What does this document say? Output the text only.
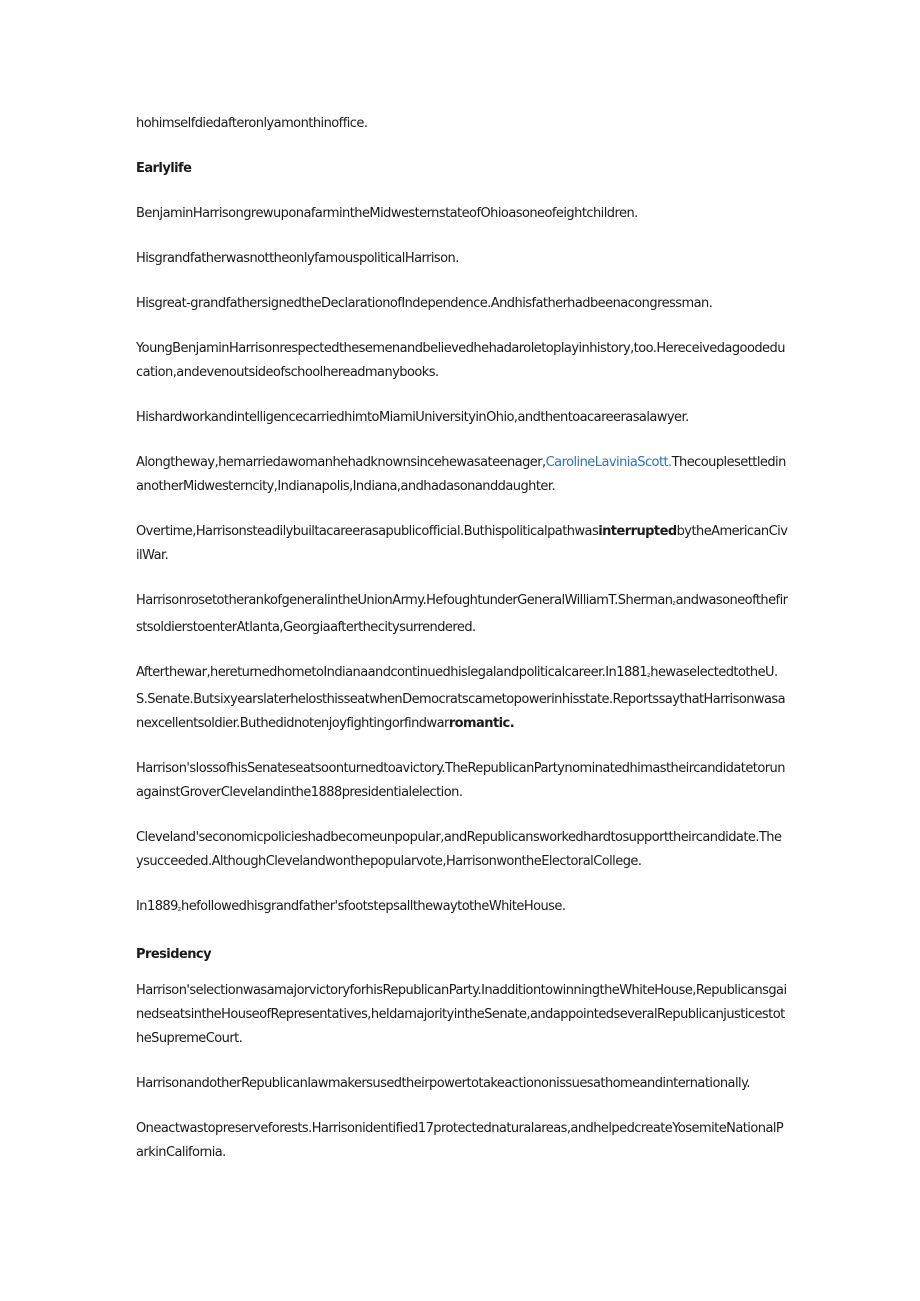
hohimselfdiedafteronlyamonthinoffice.

Earlylife

BenjaminHarrisongrewuponafarmintheMidwesternstateofOhioasoneofeightchildren.

HisgrandfatherwasnottheonlyfamouspoliticalHarrison.

Hisgreat-grandfathersignedtheDeclarationofIndependence.Andhisfatherhadbeenacongressman.

YoungBenjaminHarrisonrespectedthesemenandbelievedhehadaroletoplayinhistory,too.Hereceivedagoodeducation,andevenoutsideofschoolhereadmanybooks.

HishardworkandintelligencecarriedhimtoMiamiUniversityinOhio,andthentoacareerasalawyer.

Alongtheway,hemarriedawomanhehadknownsincehewasateenager,CarolineLaviniaScott.ThecouplesettledinanotherMidwesterncity,Indianapolis,Indiana,andhadasonanddaughter.

Overtime,Harrisonsteadilybuiltacareerasapublicofficial.ButhispoliticalpathwasinterruptedbytheAmericanCivilWar.

HarrisonrosetotherankofgeneralintheUnionArmy.HefoughtunderGeneralWilliamT.ShermanzandwasoneofthefirstsoldierstoenterAtlanta,Georgiaafterthecitysurrendered.

Afterthewar,hereturnedhometoIndianaandcontinuedhislegalandpoliticalcareer.In1881zhewaselectedtotheU.S.Senate.ButsixyearslaterhelosthisseatwhenDemocratscametopowerinhisstate.ReportssaythatHarrisonwasanexcellentsoldier.Buthedidnotenjoyfightingorfindwarromantic.

Harrison'slossofhisSenateseatsoonturnedtoavictory.TheRepublicanPartynominatedhimastheircandidatetorunagainstGroverClevelandinthe1888presidentialelection.

Cleveland'seconomicpolicieshadbecomeunpopular,andRepublicansworkedhardtosupporttheircandidate.Theysucceeded.AlthoughClevelandwonthepopularvote,HarrisonwontheElectoralCollege.

In1889zhefollowedhisgrandfather'sfootstepsallthewaytotheWhiteHouse.

Presidency

Harrison'selectionwasamajorvictoryforhisRepublicanParty.InadditiontowinningtheWhiteHouse,RepublicansgainedseatsintheHouseofRepresentatives,heldamajorityintheSenate,andappointedseveralRepublicanjusticestotheSupremeCourt.

HarrisonandotherRepublicanlawmakersusedtheirpowertotakeactiononissuesathomeandinternationally.

Oneactwastopreserveforests.Harrisonidentified17protectednaturalareas,andhelpedcreateYosemiteNationalParkinCalifornia.
